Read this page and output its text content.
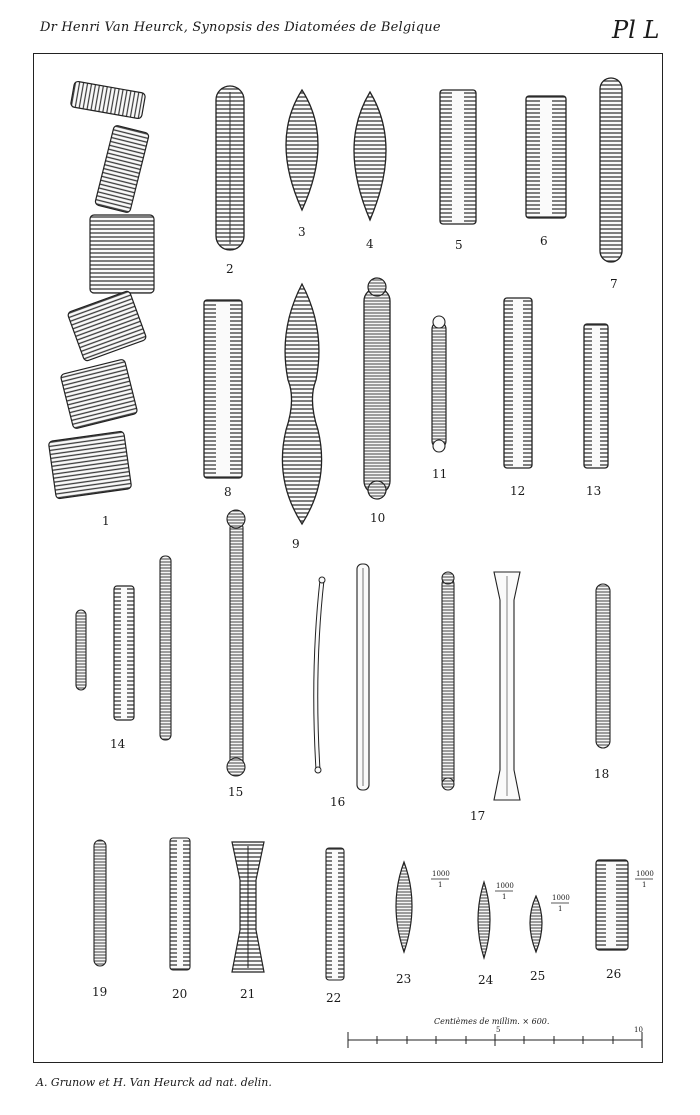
Dr Henri Van Heurck, Synopsis des Diatomées de Belgique	Pl L
1
2
3
4	5	6
7
8
9
10
11
12	13
14
15
16
17
18
19	20	21	22
1000
1
23
1000
1
24
1000
1
25
1000
1
26
Centièmes de millim. × 600.
5	10
A. Grunow et H. Van Heurck ad nat. delin.
